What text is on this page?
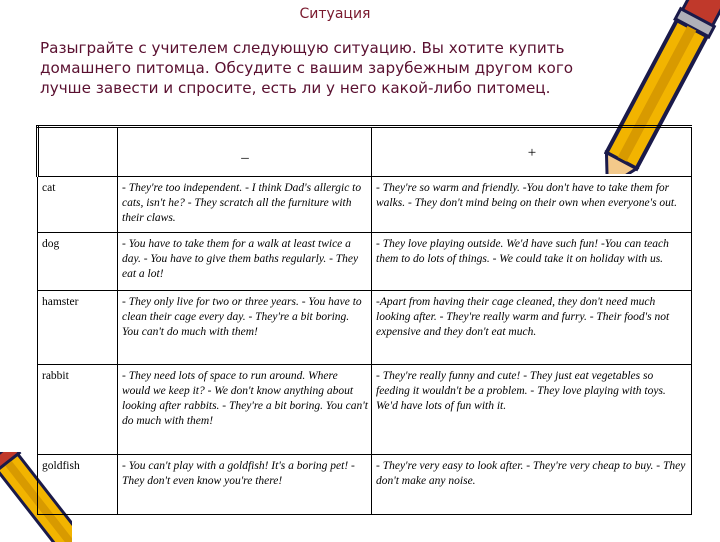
Ситуация
Разыграйте с учителем следующую ситуацию. Вы хотите купить домашнего питомца. Обсудите с вашим зарубежным другом кого лучше завести и спросите, есть ли у него какой-либо питомец.
	_	+
cat	- They're too independent. - I think Dad's allergic to cats, isn't he? - They scratch all the furniture with their claws.	- They're so warm and friendly. -You don't have to take them for walks. - They don't mind being on their own when everyone's out.
dog	- You have to take them for a walk at least twice a day. - You have to give them baths regularly. - They eat a lot!	- They love playing outside. We'd have such fun! -You can teach them to do lots of things. - We could take it on holiday with us.
hamster	- They only live for two or three years. - You have to clean their cage every day. - They're a bit boring. You can't do much with them!	-Apart from having their cage cleaned, they don't need much looking after. - They're really warm and furry. - Their food's not expensive and they don't eat much.
rabbit	- They need lots of space to run around. Where would we keep it? - We don't know anything about looking after rabbits. - They're a bit boring. You can't do much with them!	- They're really funny and cute! - They just eat vegetables so feeding it wouldn't be a problem. - They love playing with toys. We'd have lots of fun with it.
goldfish	- You can't play with a goldfish! It's a boring pet! - They don't even know you're there!	- They're very easy to look after. - They're very cheap to buy. - They don't make any noise.
